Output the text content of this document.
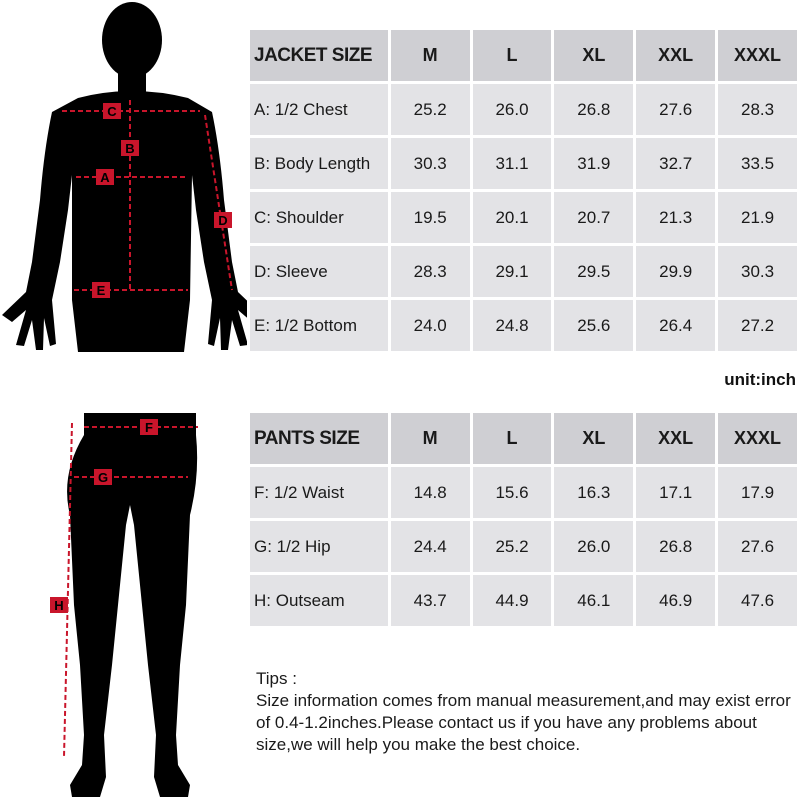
C
B
A
D
E
F
G
H
JACKET SIZE	M	L	XL	XXL	XXXL
A: 1/2 Chest	25.2	26.0	26.8	27.6	28.3
B: Body Length	30.3	31.1	31.9	32.7	33.5
C: Shoulder	19.5	20.1	20.7	21.3	21.9
D: Sleeve	28.3	29.1	29.5	29.9	30.3
E: 1/2 Bottom	24.0	24.8	25.6	26.4	27.2
unit:inch
PANTS SIZE	M	L	XL	XXL	XXXL
F: 1/2 Waist	14.8	15.6	16.3	17.1	17.9
G: 1/2 Hip	24.4	25.2	26.0	26.8	27.6
H: Outseam	43.7	44.9	46.1	46.9	47.6
Tips :
Size information comes from manual measurement,and may exist error of 0.4-1.2inches.Please contact us if you have any problems about size,we will help you make the best choice.
